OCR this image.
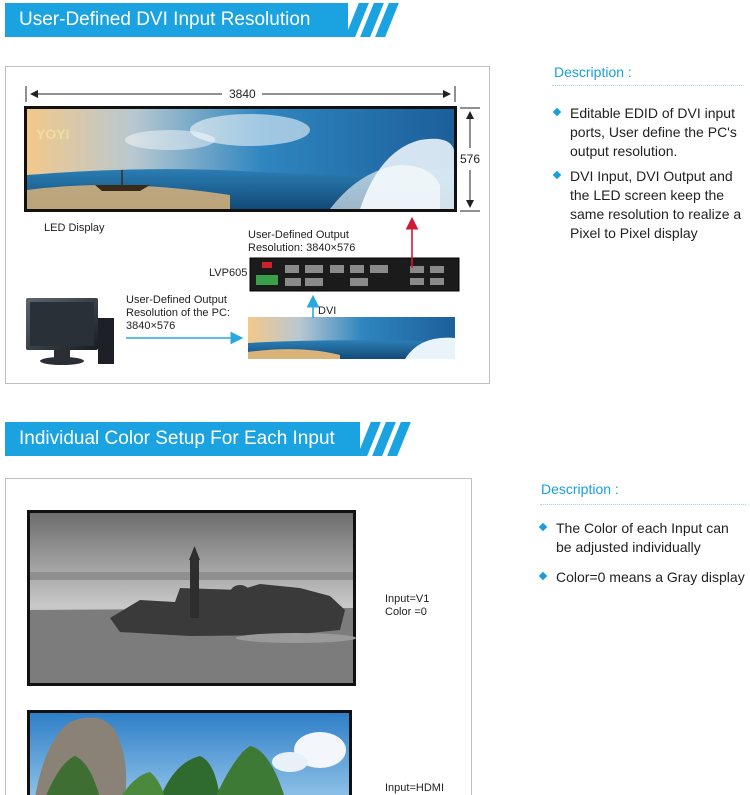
User-Defined DVI Input Resolution
3840
576
YOYI
LED Display
User-Defined Output Resolution: 3840×576
LVP605
User-Defined Output Resolution of the PC: 3840×576
DVI
Description :
Editable EDID of DVI input ports, User define the PC's output resolution.
DVI Input, DVI Output and the LED screen keep the same resolution to realize a Pixel to Pixel display
Individual Color Setup For Each Input
Input=V1 Color =0
Input=HDMI
Description :
The Color of each Input can be adjusted individually
Color=0 means a Gray display
